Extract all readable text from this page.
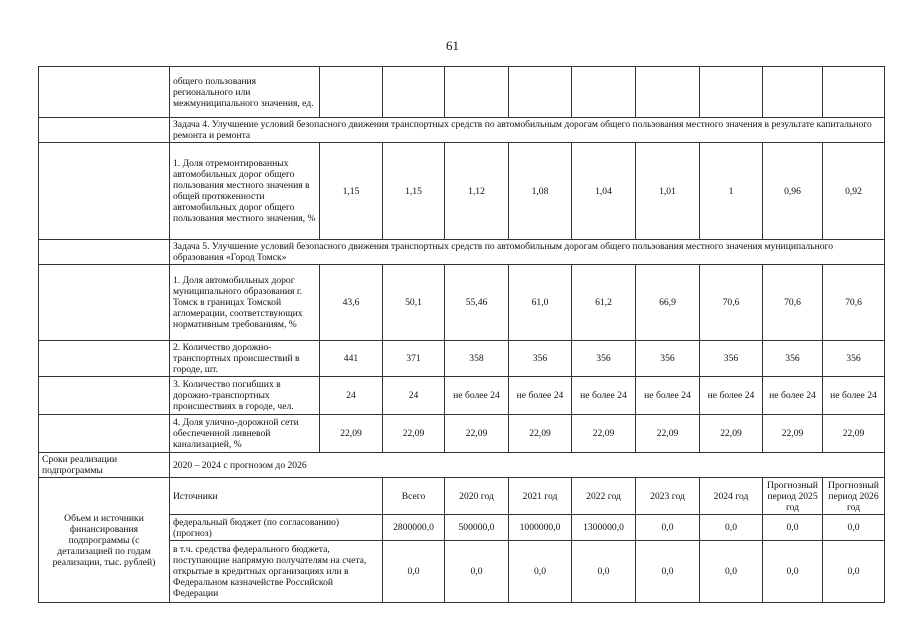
61
	общего пользования регионального или межмуниципального значения, ед.									
	Задача 4. Улучшение условий безопасного движения транспортных средств по автомобильным дорогам общего пользования местного значения в результате капитального ремонта и ремонта									
	1. Доля отремонтированных автомобильных дорог общего пользования местного значения в общей протяженности автомобильных дорог общего пользования местного значения, %	1,15	1,15	1,12	1,08	1,04	1,01	1	0,96	0,92
	Задача 5. Улучшение условий безопасного движения транспортных средств по автомобильным дорогам общего пользования местного значения муниципального образования «Город Томск»									
	1. Доля автомобильных дорог муниципального образования г. Томск в границах Томской агломерации, соответствующих нормативным требованиям, %	43,6	50,1	55,46	61,0	61,2	66,9	70,6	70,6	70,6
	2. Количество дорожно-транспортных происшествий в городе, шт.	441	371	358	356	356	356	356	356	356
	3. Количество погибших в дорожно-транспортных происшествиях в городе, чел.	24	24	не более 24	не более 24	не более 24	не более 24	не более 24	не более 24	не более 24
	4. Доля улично-дорожной сети обеспеченной ливневой канализацией, %	22,09	22,09	22,09	22,09	22,09	22,09	22,09	22,09	22,09
Сроки реализации подпрограммы	2020 – 2024 с прогнозом до 2026									
Объем и источники финансирования подпрограммы (с детализацией по годам реализации, тыс. рублей)	Источники		Всего	2020 год	2021 год	2022 год	2023 год	2024 год	Прогнозный период 2025 год	Прогнозный период 2026 год
	федеральный бюджет (по согласованию) (прогноз)		2800000,0	500000,0	1000000,0	1300000,0	0,0	0,0	0,0	0,0
	в т.ч. средства федерального бюджета, поступающие напрямую получателям на счета, открытые в кредитных организациях или в Федеральном казначействе Российской Федерации		0,0	0,0	0,0	0,0	0,0	0,0	0,0	0,0
